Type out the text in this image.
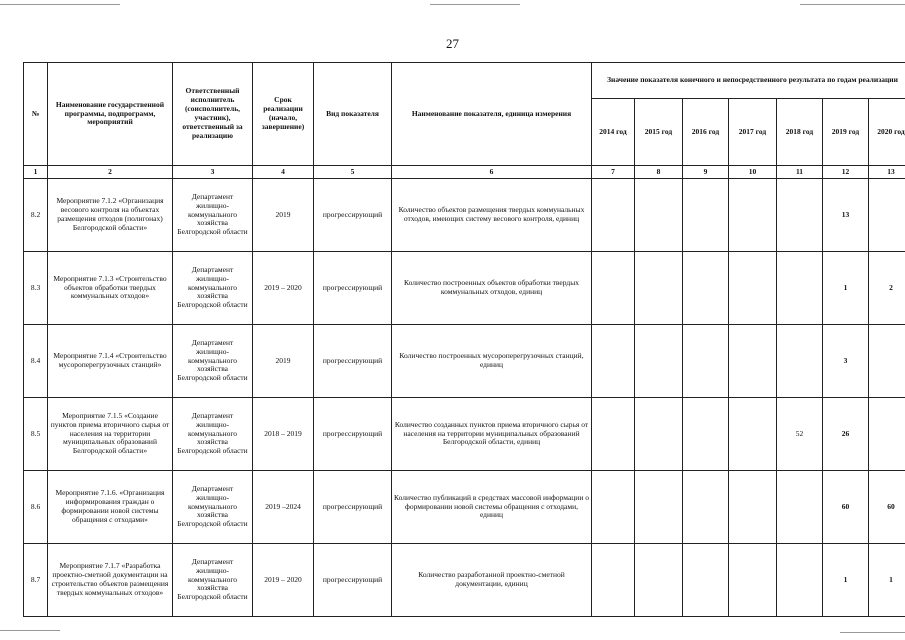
27
№	Наименование государственной программы, подпрограмм, мероприятий	Ответственный исполнитель (соисполнитель, участник), ответственный за реализацию	Срок реализации (начало, завершение)	Вид показателя	Наименование показателя, единица измерения	Значение показателя конечного и непосредственного результата по годам реализации						
						2014 год	2015 год	2016 год	2017 год	2018 год	2019 год	2020 год
1	2	3	4	5	6	7	8	9	10	11	12	13
8.2	Мероприятие 7.1.2 «Организация весового контроля на объектах размещения отходов (полигонах) Белгородской области»	Департамент жилищно-коммунального хозяйства Белгородской области	2019	прогрессирующий	Количество объектов размещения твердых коммунальных отходов, имеющих систему весового контроля, единиц						13	
8.3	Мероприятие 7.1.3 «Строительство объектов обработки твердых коммунальных отходов»	Департамент жилищно-коммунального хозяйства Белгородской области	2019 – 2020	прогрессирующий	Количество построенных объектов обработки твердых коммунальных отходов, единиц						1	2
8.4	Мероприятие 7.1.4 «Строительство мусороперегрузочных станций»	Департамент жилищно-коммунального хозяйства Белгородской области	2019	прогрессирующий	Количество построенных мусороперегрузочных станций, единиц						3	
8.5	Мероприятие 7.1.5 «Создание пунктов приема вторичного сырья от населения на территории муниципальных образований Белгородской области»	Департамент жилищно-коммунального хозяйства Белгородской области	2018 – 2019	прогрессирующий	Количество созданных пунктов приема вторичного сырья от населения на территории муниципальных образований Белгородской области, единиц					52	26	
8.6	Мероприятие 7.1.6. «Организация информирования граждан о формировании новой системы обращения с отходами»	Департамент жилищно-коммунального хозяйства Белгородской области	2019 –2024	прогрессирующий	Количество публикаций в средствах массовой информации о формировании новой системы обращения с отходами, единиц						60	60
8.7	Мероприятие 7.1.7 «Разработка проектно-сметной документации на строительство объектов размещения твердых коммунальных отходов»	Департамент жилищно-коммунального хозяйства Белгородской области	2019 – 2020	прогрессирующий	Количество разработанной проектно-сметной документации, единиц						1	1
